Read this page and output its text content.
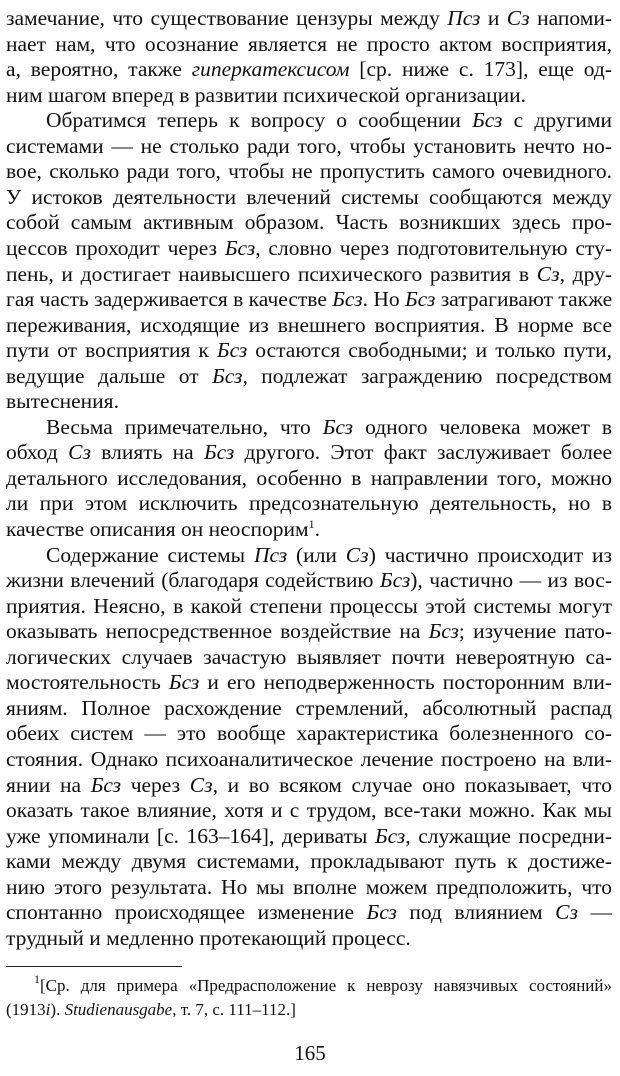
замечание, что существование цензуры между Псз и Сз напоми-
нает нам, что осознание является не просто актом восприятия,
а, вероятно, также гиперкатексисом [ср. ниже с. 173], еще од-
ним шагом вперед в развитии психической организации.
Обратимся теперь к вопросу о сообщении Бсз с другими
системами — не столько ради того, чтобы установить нечто но-
вое, сколько ради того, чтобы не пропустить самого очевидного.
У истоков деятельности влечений системы сообщаются между
собой самым активным образом. Часть возникших здесь про-
цессов проходит через Бсз, словно через подготовительную сту-
пень, и достигает наивысшего психического развития в Сз, дру-
гая часть задерживается в качестве Бсз. Но Бсз затрагивают также
переживания, исходящие из внешнего восприятия. В норме все
пути от восприятия к Бсз остаются свободными; и только пути,
ведущие дальше от Бсз, подлежат заграждению посредством
вытеснения.
Весьма примечательно, что Бсз одного человека может в
обход Сз влиять на Бсз другого. Этот факт заслуживает более
детального исследования, особенно в направлении того, можно
ли при этом исключить предсознательную деятельность, но в
качестве описания он неоспорим$^1$.
Содержание системы Псз (или Сз) частично происходит из
жизни влечений (благодаря содействию Бсз), частично — из вос-
приятия. Неясно, в какой степени процессы этой системы могут
оказывать непосредственное воздействие на Бсз; изучение пато-
логических случаев зачастую выявляет почти невероятную са-
мостоятельность Бсз и его неподверженность посторонним вли-
яниям. Полное расхождение стремлений, абсолютный распад
обеих систем — это вообще характеристика болезненного со-
стояния. Однако психоаналитическое лечение построено на вли-
янии на Бсз через Сз, и во всяком случае оно показывает, что
оказать такое влияние, хотя и с трудом, все-таки можно. Как мы
уже упоминали [с. 163–164], дериваты Бсз, служащие посредни-
ками между двумя системами, прокладывают путь к достиже-
нию этого результата. Но мы вполне можем предположить, что
спонтанно происходящее изменение Бсз под влиянием Сз —
трудный и медленно протекающий процесс.
$^1$[Ср. для примера «Предрасположение к неврозу навязчивых состояний»
(1913i). Studienausgabe, т. 7, с. 111–112.]
165
